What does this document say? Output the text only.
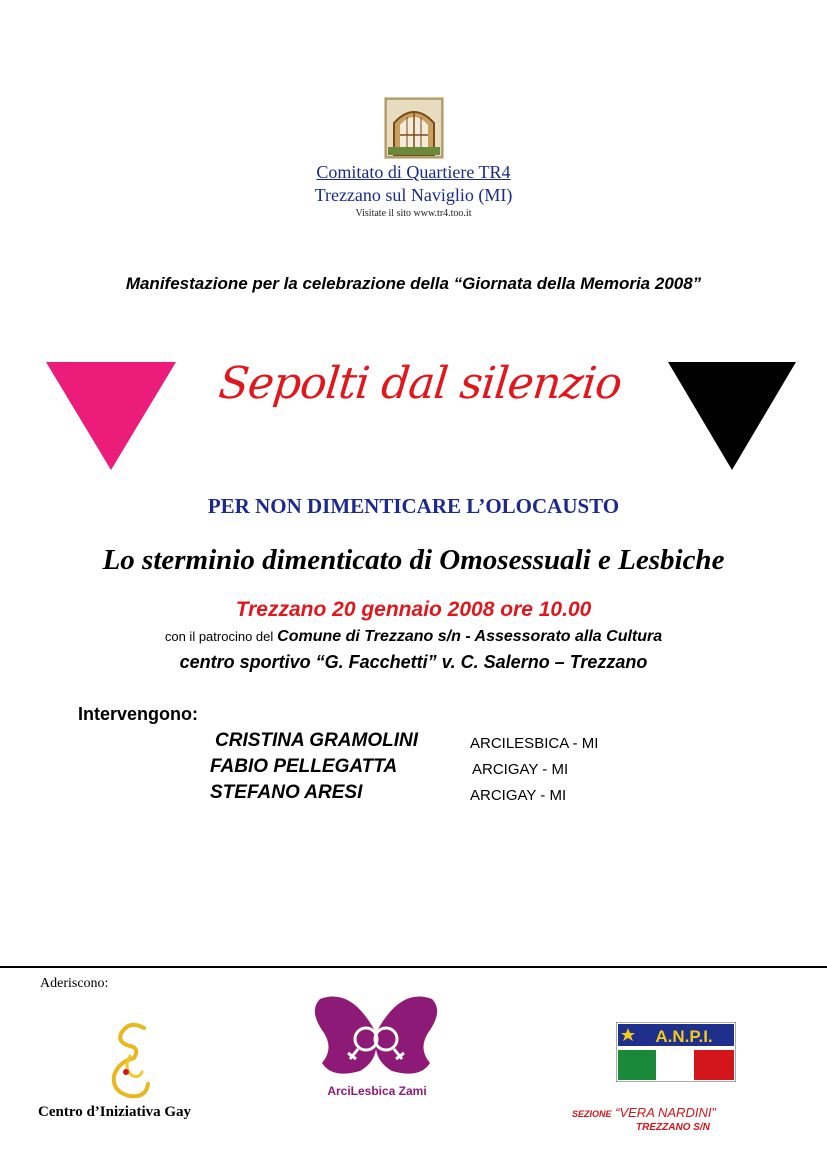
Comitato di Quartiere TR4
Trezzano sul Naviglio (MI)
Visitate il sito www.tr4.too.it
Manifestazione per la celebrazione della “Giornata della Memoria 2008”
Sepolti dal silenzio
PER NON DIMENTICARE L’OLOCAUSTO
Lo sterminio dimenticato di Omosessuali e Lesbiche
Trezzano 20 gennaio 2008 ore 10.00
con il patrocino del Comune di Trezzano s/n - Assessorato alla Cultura
centro sportivo “G. Facchetti” v. C. Salerno – Trezzano
Intervengono:
CRISTINA GRAMOLINI	ARCILESBICA - MI
FABIO PELLEGATTA	ARCIGAY - MI
STEFANO ARESI	ARCIGAY - MI
Aderiscono:
Centro d’Iniziativa Gay
ArciLesbica Zami
A.N.P.I.
SEZIONE “VERA NARDINI”
TREZZANO S/N
